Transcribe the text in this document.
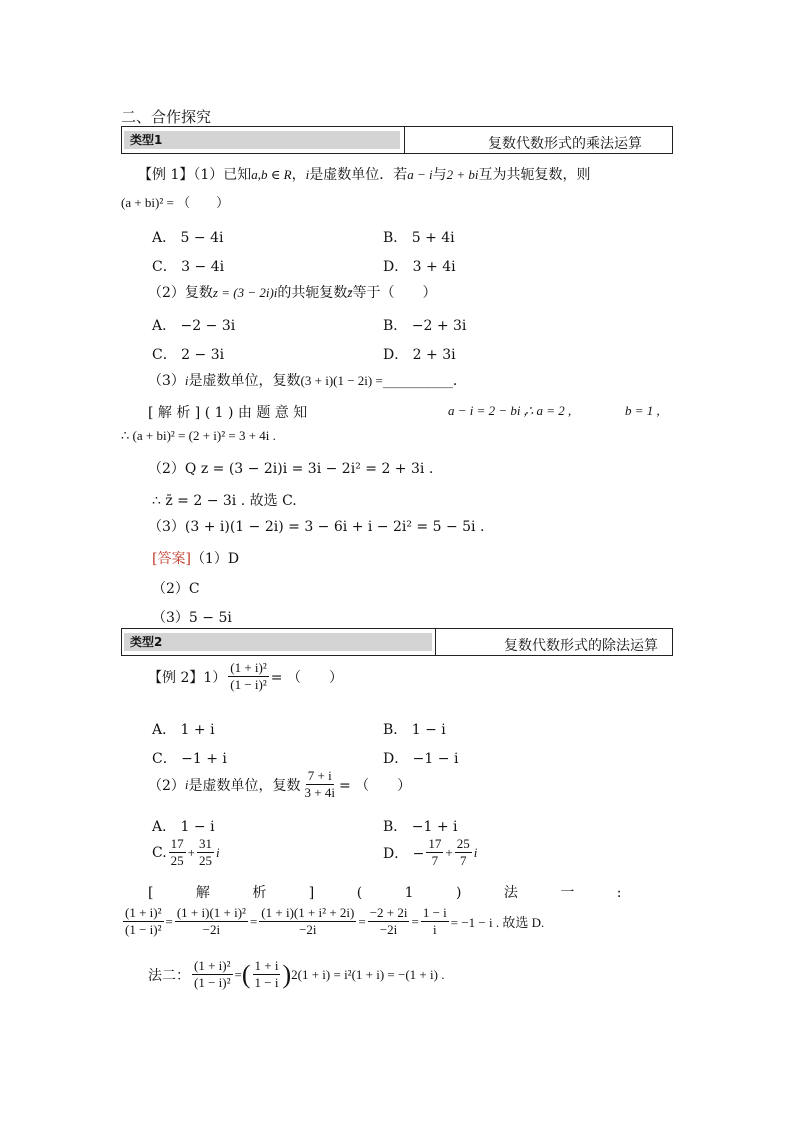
二、合作探究
类型1	复数代数形式的乘法运算
【例 1】（1）已知a,b ∈ R，i是虚数单位．若a − i与2 + bi互为共轭复数，则
(a + bi)² = （　　）
A． 5 − 4i	B． 5 + 4i
C． 3 − 4i	D． 3 + 4i
（2）复数z = (3 − 2i)i的共轭复数z̄等于（　　）
A． −2 − 3i	B． −2 + 3i
C． 2 − 3i	D． 2 + 3i
（3）i是虚数单位，复数(3 + i)(1 − 2i) =__________．
[ 解 析 ] ( 1 ) 由 题 意 知	a − i = 2 − bi ,
∴ a = 2 ,	b = 1 ,
∴ (a + bi)² = (2 + i)² = 3 + 4i .
（2）Q z = (3 − 2i)i = 3i − 2i² = 2 + 3i .
∴ z̄ = 2 − 3i . 故选 C.
（3）(3 + i)(1 − 2i) = 3 − 6i + i − 2i² = 5 − 5i .
[答案]（1）D
（2）C
（3）5 − 5i
类型2	复数代数形式的除法运算
【例 2】$1) \frac{\text{(1 + i)²}}{\text{(1 − i)²}}$ = （　　）
A． 1 + i	B． 1 − i
C． −1 + i	D． −1 − i
（2） i 是虚数单位，复数 $\frac{7 + i}{3 + 4i}$ = （　　）
A． 1 − i	B． −1 + i
C. $\frac{17}{25} + \frac{31}{25}$ i	D． − $\frac{17}{7} + \frac{25}{7}$ i
[ 解 析 ] ( 1 ) 法 一 :
$\frac{\text{(1 + i)²}}{\text{(1 − i)²}} = \frac{\text{(1 + i)(1 + i)²}}{-2i} = \frac{\text{(1 + i)(1 + i² + 2i)}}{-2i} = \frac{-2 + 2i}{-2i} = \frac{1 - i}{i} = -1 - i$ . 故选 D.
法二： $\frac{\text{(1 + i)²}}{\text{(1 − i)²}}$ = ( $\frac{1 + i}{1 - i}$ ) 2 (1 + i) = i²(1 + i) = −(1 + i) .
